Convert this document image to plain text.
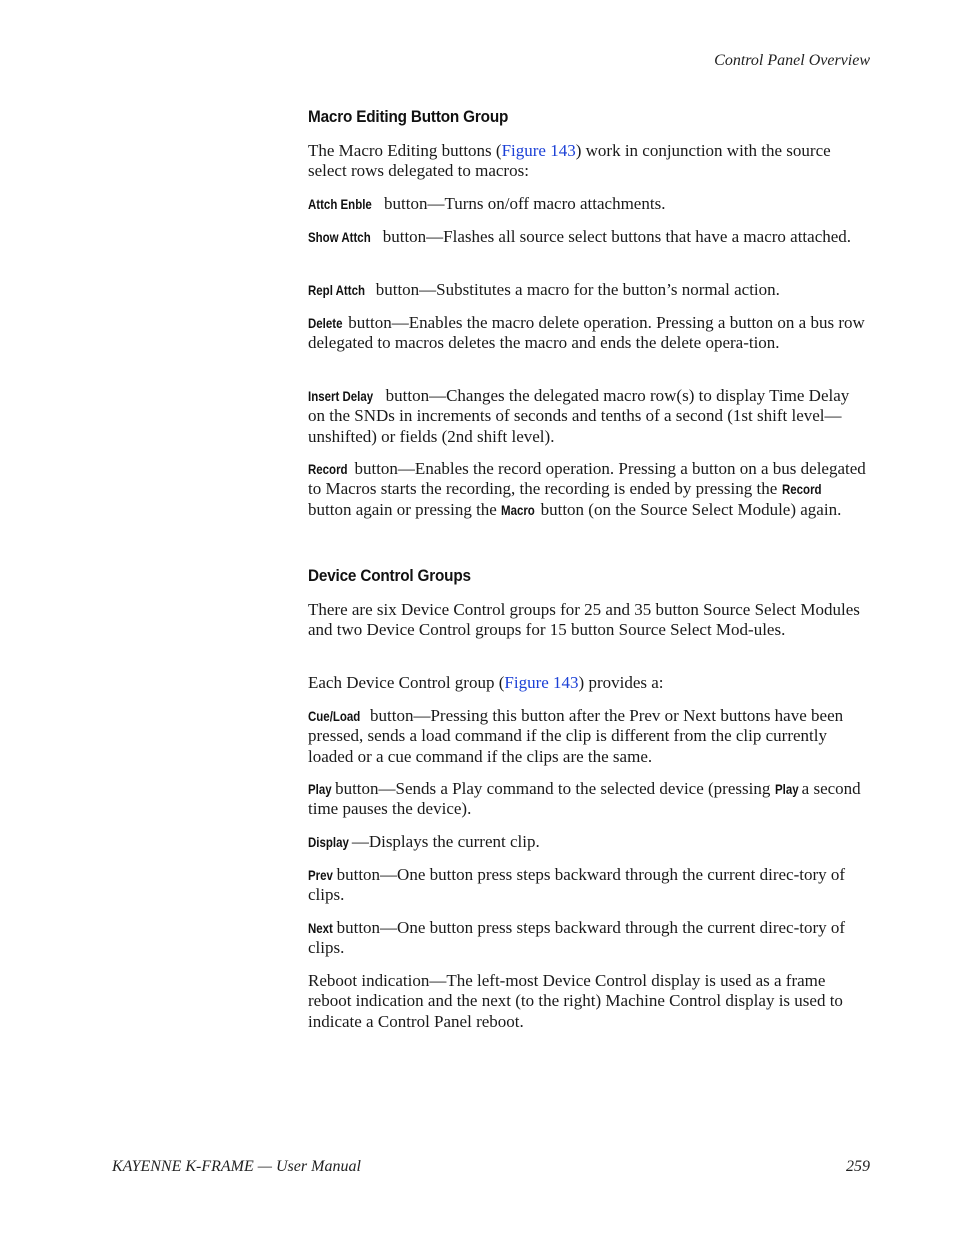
Control Panel Overview
Macro Editing Button Group

The Macro Editing buttons (Figure 143) work in conjunction with the source select rows delegated to macros:

Attch Enble button—Turns on/off macro attachments.

Show Attch button—Flashes all source select buttons that have a macro attached.

Repl Attch button—Substitutes a macro for the button’s normal action.

Delete button—Enables the macro delete operation. Pressing a button on a bus row delegated to macros deletes the macro and ends the delete opera-tion.

Insert Delay button—Changes the delegated macro row(s) to display Time Delay on the SNDs in increments of seconds and tenths of a second (1st shift level—unshifted) or fields (2nd shift level).

Record button—Enables the record operation. Pressing a button on a bus delegated to Macros starts the recording, the recording is ended by pressing the Record button again or pressing the Macro button (on the Source Select Module) again.

Device Control Groups

There are six Device Control groups for 25 and 35 button Source Select Modules and two Device Control groups for 15 button Source Select Mod-ules.

Each Device Control group (Figure 143) provides a:

Cue/Load button—Pressing this button after the Prev or Next buttons have been pressed, sends a load command if the clip is different from the clip currently loaded or a cue command if the clips are the same.

Play button—Sends a Play command to the selected device (pressing Play a second time pauses the device).

Display —Displays the current clip.

Prev button—One button press steps backward through the current direc-tory of clips.

Next button—One button press steps backward through the current direc-tory of clips.

Reboot indication—The left-most Device Control display is used as a frame reboot indication and the next (to the right) Machine Control display is used to indicate a Control Panel reboot.

KAYENNE K-FRAME — User Manual	259
